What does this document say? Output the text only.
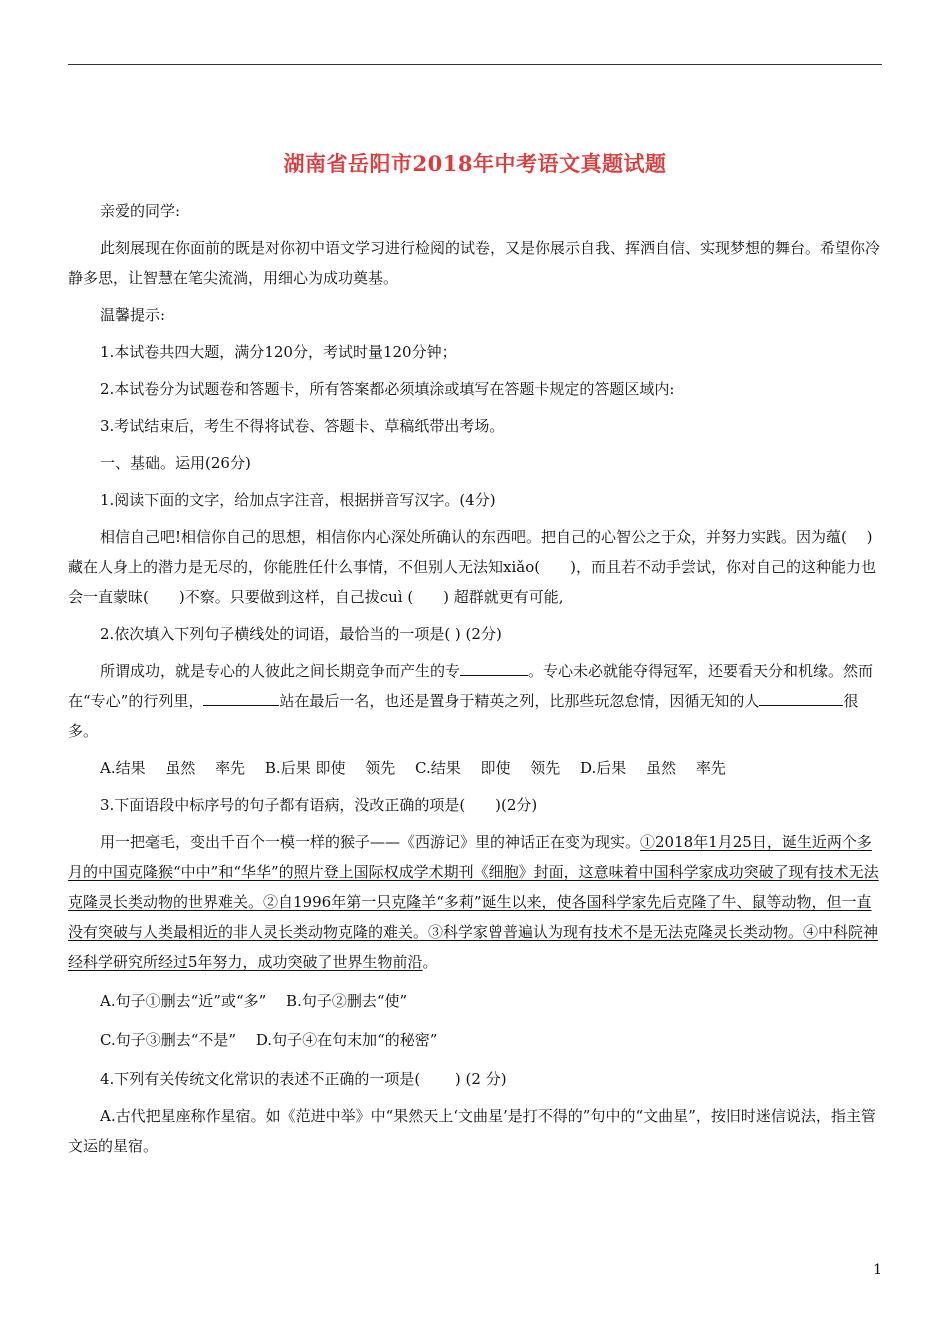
湖南省岳阳市2018年中考语文真题试题

亲爱的同学:

此刻展现在你面前的既是对你初中语文学习进行检阅的试卷，又是你展示自我、挥洒自信、实现梦想的舞台。希望你冷静多思，让智慧在笔尖流淌，用细心为成功奠基。

温馨提示:

1.本试卷共四大题，满分120分，考试时量120分钟；

2.本试卷分为试题卷和答题卡，所有答案都必须填涂或填写在答题卡规定的答题区域内:

3.考试结束后，考生不得将试卷、答题卡、草稿纸带出考场。

一、基础。运用(26分)

1.阅读下面的文字，给加点字注音，根据拼音写汉字。(4分)

相信自己吧!相信你自己的思想，相信你内心深处所确认的东西吧。把自己的心智公之于众，并努力实践。因为蕴(　 ) 藏在人身上的潜力是无尽的，你能胜任什么事情，不但别人无法知xiǎo(　　)，而且若不动手尝试，你对自己的这种能力也会一直蒙昧(　　)不察。只要做到这样，自己拔cuì (　　) 超群就更有可能,

2.依次填入下列句子横线处的词语，最恰当的一项是( ) (2分)

所谓成功，就是专心的人彼此之间长期竞争而产生的专	。专心未必就能夺得冠军，还要看天分和机缘。然而在“专心”的行列里，	站在最后一名，也还是置身于精英之列，比那些玩忽怠情，因循无知的人	很多。

A.结果　 虽然　 率先　 B.后果 即使　 领先　 C.结果　 即使　 领先　 D.后果　 虽然　 率先

3.下面语段中标序号的句子都有语病，没改正确的项是(　　)(2分)

用一把毫毛，变出千百个一模一样的猴子——《西游记》里的神话正在变为现实。①2018年1月25日，诞生近两个多月的中国克隆猴“中中”和“华华”的照片登上国际权成学术期刊《细胞》封面，这意味着中国科学家成功突破了现有技术无法克隆灵长类动物的世界难关。②自1996年第一只克隆羊“多莉”诞生以来，使各国科学家先后克隆了牛、鼠等动物，但一直没有突破与人类最相近的非人灵长类动物克隆的难关。③科学家曾普遍认为现有技术不是无法克隆灵长类动物。④中科院神经科学研究所经过5年努力，成功突破了世界生物前沿。

A.句子①删去“近”或“多”　 B.句子②删去“使”

C.句子③删去“不是”　 D.句子④在句末加“的秘密”

4.下列有关传统文化常识的表述不正确的一项是(　　 ) (2 分)

A.古代把星座称作星宿。如《范进中举》中“果然天上‘文曲星’是打不得的”句中的“文曲星”，按旧时迷信说法，指主管文运的星宿。

1
